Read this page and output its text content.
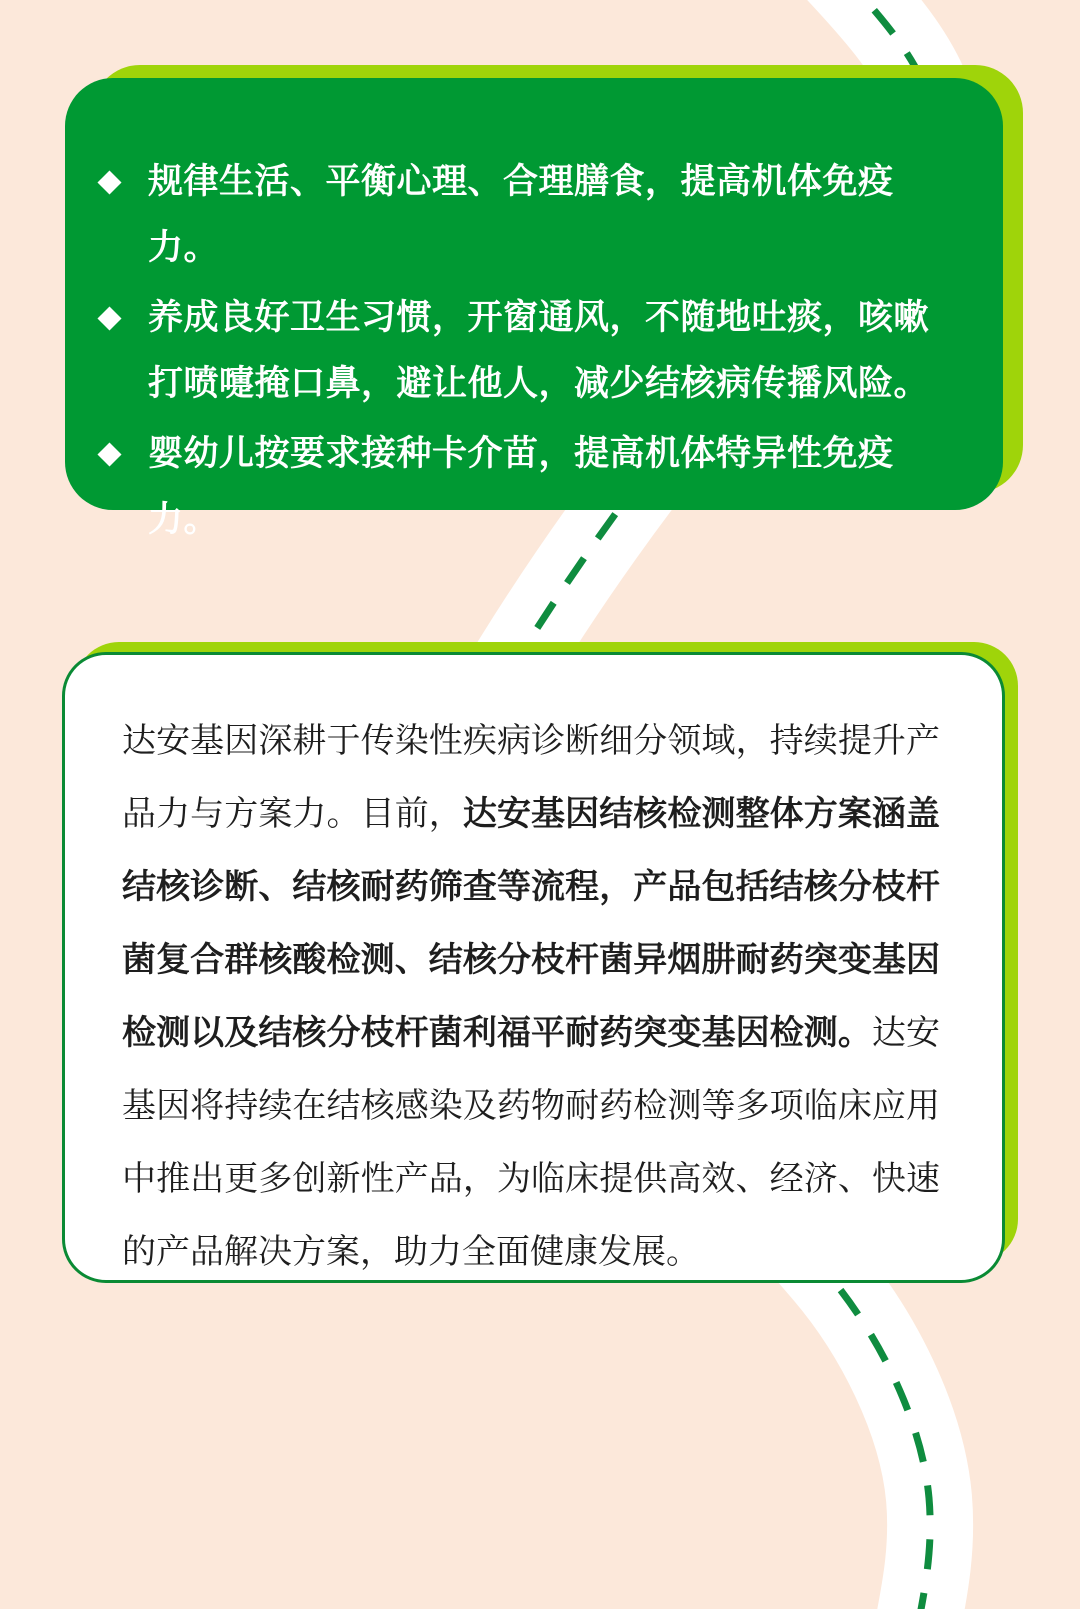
规律生活、平衡心理、合理膳食，提高机体免疫力。

养成良好卫生习惯，开窗通风，不随地吐痰，咳嗽打喷嚏掩口鼻，避让他人，减少结核病传播风险。

婴幼儿按要求接种卡介苗，提高机体特异性免疫力。

达安基因深耕于传染性疾病诊断细分领域，持续提升产品力与方案力。目前，达安基因结核检测整体方案涵盖结核诊断、结核耐药筛查等流程，产品包括结核分枝杆菌复合群核酸检测、结核分枝杆菌异烟肼耐药突变基因检测以及结核分枝杆菌利福平耐药突变基因检测。达安基因将持续在结核感染及药物耐药检测等多项临床应用中推出更多创新性产品，为临床提供高效、经济、快速的产品解决方案，助力全面健康发展。
